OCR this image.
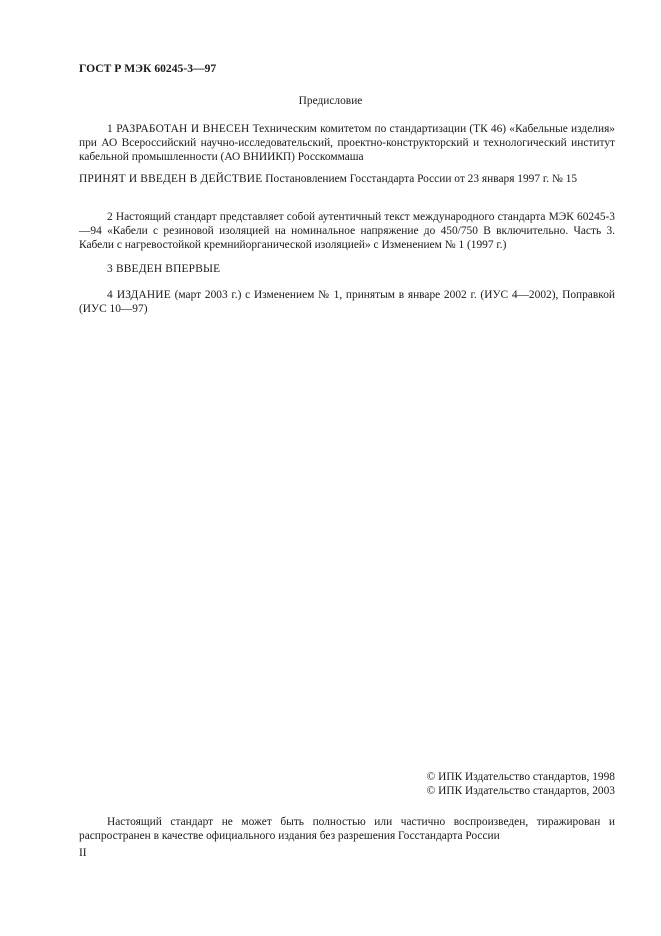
ГОСТ Р МЭК 60245-3—97
Предисловие

1 РАЗРАБОТАН И ВНЕСЕН Техническим комитетом по стандартизации (ТК 46) «Кабельные изделия» при АО Всероссийский научно-исследовательский, проектно-конструкторский и технологический институт кабельной промышленности (АО ВНИИКП) Росскоммаша

ПРИНЯТ И ВВЕДЕН В ДЕЙСТВИЕ Постановлением Госстандарта России от 23 января 1997 г. № 15

2 Настоящий стандарт представляет собой аутентичный текст международного стандарта МЭК 60245-3—94 «Кабели с резиновой изоляцией на номинальное напряжение до 450/750 В включительно. Часть 3. Кабели с нагревостойкой кремнийорганической изоляцией» с Изменением № 1 (1997 г.)

3 ВВЕДЕН ВПЕРВЫЕ

4 ИЗДАНИЕ (март 2003 г.) с Изменением № 1, принятым в январе 2002 г. (ИУС 4—2002), Поправкой (ИУС 10—97)

© ИПК Издательство стандартов, 1998
© ИПК Издательство стандартов, 2003

Настоящий стандарт не может быть полностью или частично воспроизведен, тиражирован и распространен в качестве официального издания без разрешения Госстандарта России

II
